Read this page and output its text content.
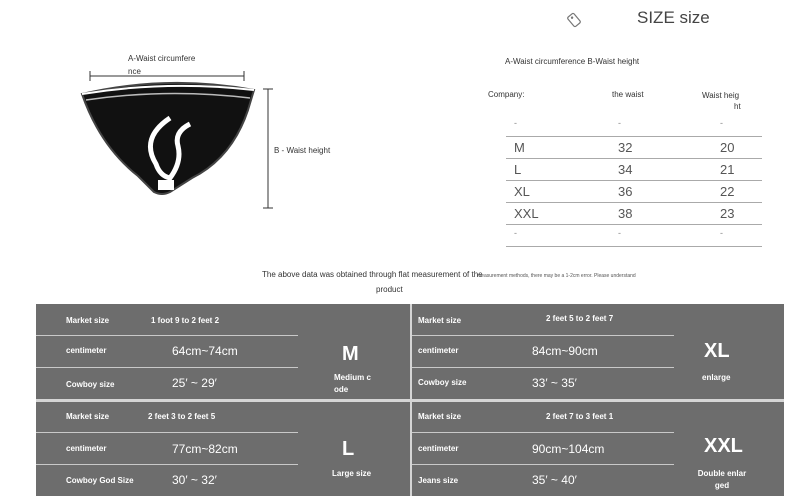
SIZE size
A-Waist circumfere
nce
B - Waist height
A-Waist circumference B-Waist height
Company:	the waist	Waist heig
ht
-	-	-
M	32	20
L	34	21
XL	36	22
XXL	38	23
-	-	-
The above data was obtained through flat measurement of the
measurement methods, there may be a 1-2cm error. Please understand
product
Market size	1 foot 9 to 2 feet 2
centimeter	64cm~74cm
Cowboy size	25′ ~ 29′
M
Medium c
ode
Market size	2 feet 5 to 2 feet 7
centimeter	84cm~90cm
Cowboy size	33′ ~ 35′
XL
enlarge
Market size	2 feet 3 to 2 feet 5
centimeter	77cm~82cm
Cowboy God Size	30′ ~ 32′
L
Large size
Market size	2 feet 7 to 3 feet 1
centimeter	90cm~104cm
Jeans size	35′ ~ 40′
XXL
Double enlar
ged
